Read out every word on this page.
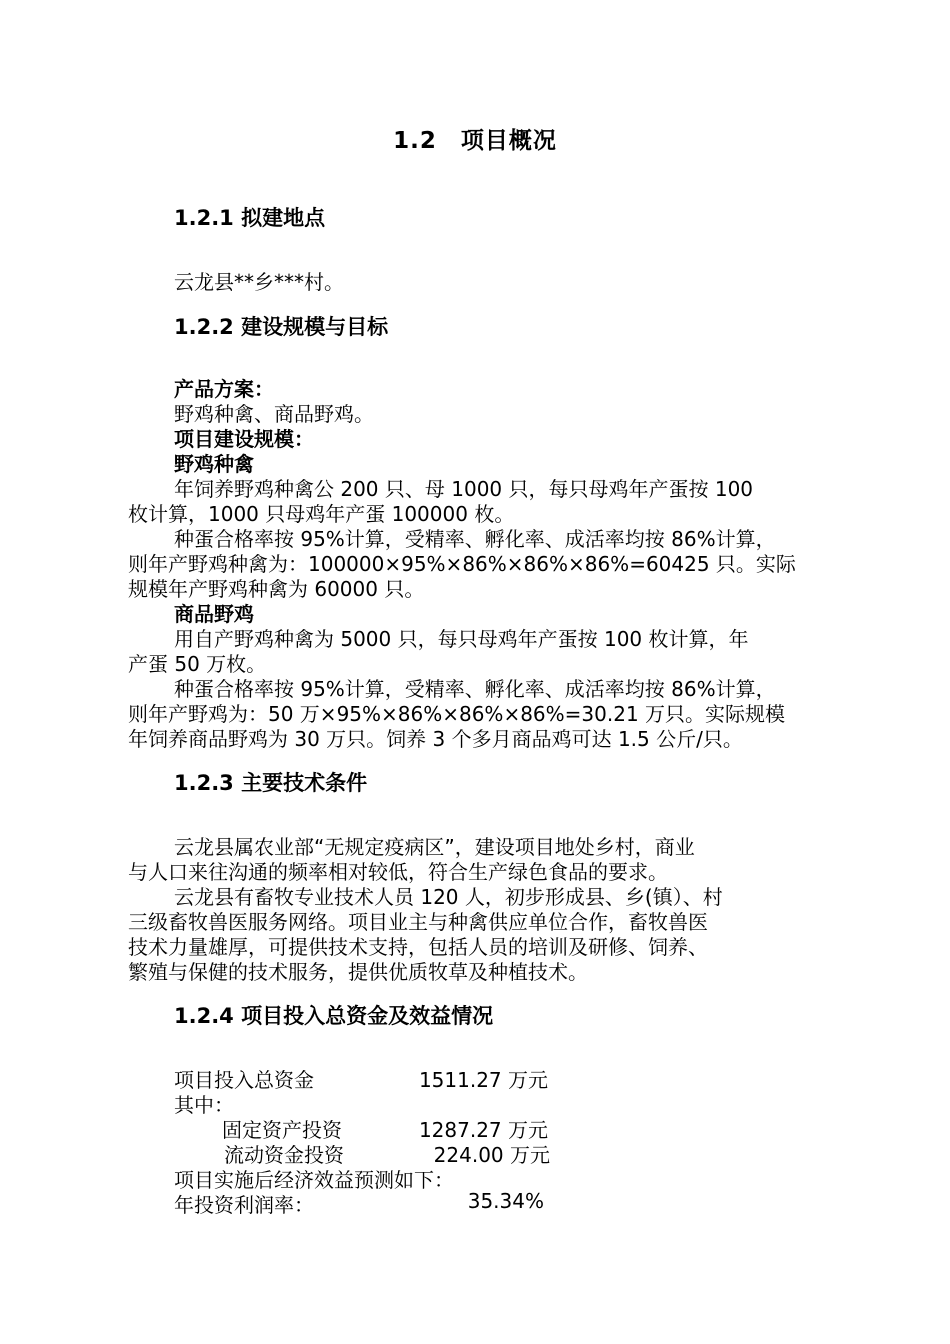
1.2　项目概况
1.2.1 拟建地点
云龙县**乡***村。
1.2.2 建设规模与目标
产品方案：
野鸡种禽、商品野鸡。
项目建设规模：
野鸡种禽
年饲养野鸡种禽公 200 只、母 1000 只，每只母鸡年产蛋按 100
枚计算，1000 只母鸡年产蛋 100000 枚。
种蛋合格率按 95%计算，受精率、孵化率、成活率均按 86%计算，
则年产野鸡种禽为：100000×95%×86%×86%×86%=60425 只。实际
规模年产野鸡种禽为 60000 只。
商品野鸡
用自产野鸡种禽为 5000 只，每只母鸡年产蛋按 100 枚计算，年
产蛋 50 万枚。
种蛋合格率按 95%计算，受精率、孵化率、成活率均按 86%计算，
则年产野鸡为：50 万×95%×86%×86%×86%=30.21 万只。实际规模
年饲养商品野鸡为 30 万只。饲养 3 个多月商品鸡可达 1.5 公斤/只。
1.2.3 主要技术条件
云龙县属农业部“无规定疫病区”，建设项目地处乡村，商业
与人口来往沟通的频率相对较低，符合生产绿色食品的要求。
云龙县有畜牧专业技术人员 120 人，初步形成县、乡(镇）、村
三级畜牧兽医服务网络。项目业主与种禽供应单位合作，畜牧兽医
技术力量雄厚，可提供技术支持，包括人员的培训及研修、饲养、
繁殖与保健的技术服务，提供优质牧草及种植技术。
1.2.4 项目投入总资金及效益情况
项目投入总资金	1511.27 万元
其中：
固定资产投资	1287.27 万元
流动资金投资	224.00 万元
项目实施后经济效益预测如下：
年投资利润率：	35.34%
